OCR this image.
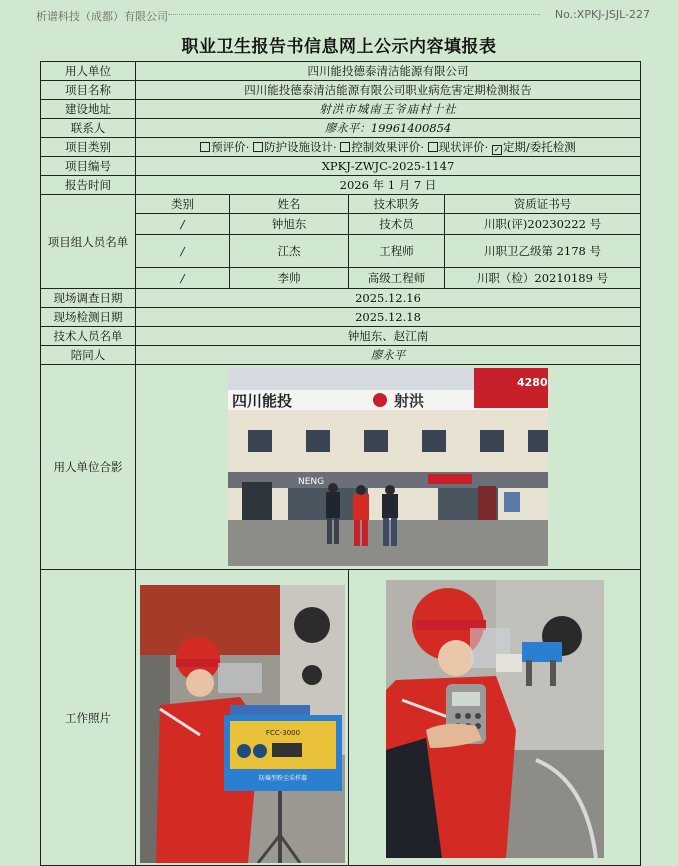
析谱科技（成都）有限公司	No.:XPKJ-JSJL-227
职业卫生报告书信息网上公示内容填报表
用人单位	四川能投德泰清洁能源有限公司			
项目名称	四川能投德泰清洁能源有限公司职业病危害定期检测报告			
建设地址	射洪市城南王爷庙村十社			
联系人	廖永平：19961400854			
项目类别	预评价· 防护设施设计· 控制效果评价· 现状评价· ✓ 定期/委托检测			
项目编号	XPKJ-ZWJC-2025-1147			
报告时间	2026 年 1 月 7 日			
项目组人员名单	类别	姓名	技术职务	资质证书号
	/	钟旭东	技术员	川职(评)20230222 号
	/	江杰	工程师	川职卫乙级第 2178 号
	/	李帅	高级工程师	川职（检）20210189 号
现场调查日期	2025.12.16			
现场检测日期	2025.12.18			
技术人员名单	钟旭东、赵江南			
陪同人	廖永平			
用人单位合影	四川能投 射洪
4280
NENG			

工作照片	FCC-3000
防爆型粉尘采样器
